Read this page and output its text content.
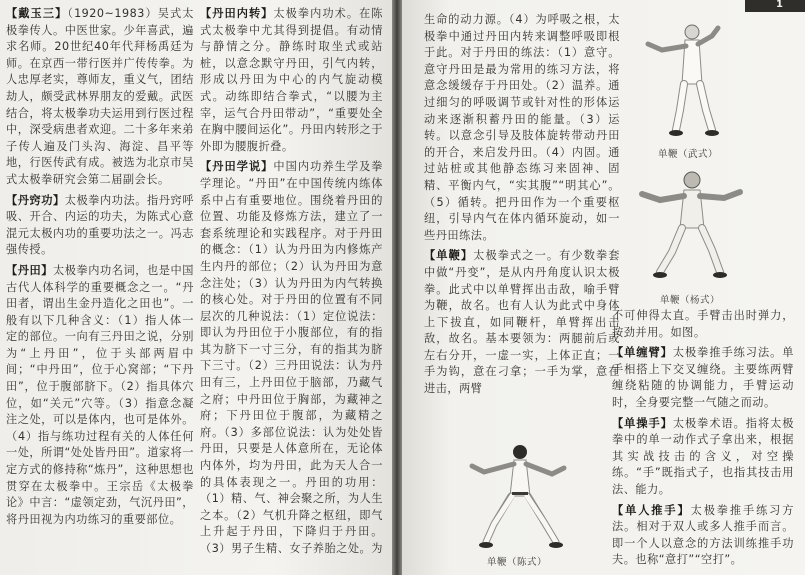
【戴玉三】（1920~1983）吴式太极拳传人。中医世家。少年喜武，遍求名师。20世纪40年代拜杨禹廷为师。在京西一带行医并广传传拳。为人忠厚老实，尊师友，重义气，团结劫人，颇受武林界朋友的爱戴。武医结合，将太极拳功夫运用到行医过程中，深受病患者欢迎。二十多年来弟子传人遍及门头沟、海淀、昌平等地，行医传武有成。被选为北京市吴式太极拳研究会第二届副会长。

【丹窍功】太极拳内功法。指丹窍呼吸、开合、内运的功夫，为陈式心意混元太极内功的重要功法之一。冯志强传授。

【丹田】太极拳内功名词，也是中国古代人体科学的重要概念之一。“丹田者，谓出生金丹造化之田也”。一般有以下几种含义：（1）指人体一定的部位。一向有三丹田之说，分别为“上丹田”，位于头部两眉中间；“中丹田”，位于心窝部；“下丹田”，位于腹部脐下。（2）指具体穴位，如“关元”穴等。（3）指意念凝注之处，可以是体内，也可是体外。（4）指与练功过程有关的人体任何一处，所谓“处处皆丹田”。道家将一定方式的修持称“炼丹”，这种思想也贯穿在太极拳中。王宗岳《太极拳论》中言：“虚领定劲，气沉丹田”，将丹田视为内功练习的重要部位。

【丹田内转】太极拳内功术。在陈式太极拳中尤其得到提倡。有动情与静情之分。静练时取坐式或站桩，以意念默守丹田，引气内转，形成以丹田为中心的内气旋动模式。动练即结合拳式，“以腰为主宰，运气合丹田带动”，“重要处全在胸中腰间运化”。丹田内转形之于外即为腰腹折叠。

【丹田学说】中国内功养生学及拳学理论。“丹田”在中国传统内练体系中占有重要地位。围绕着丹田的位置、功能及修炼方法，建立了一套系统理论和实践程序。对于丹田的概念：（1）认为丹田为内修炼产生内丹的部位；（2）认为丹田为意念注处；（3）认为丹田为内气转换的核心处。对于丹田的位置有不同层次的几种说法：（1）定位说法：即认为丹田位于小腹部位，有的指其为脐下一寸三分，有的指其为脐下三寸。（2）三丹田说法：认为丹田有三，上丹田位于脑部，乃藏气之府；中丹田位于胸部，为藏神之府；下丹田位于腹部，为藏精之府。（3）多部位说法：认为处处皆丹田，只要是人体意所在，无论体内体外，均为丹田，此为天人合一的具体表现之一。丹田的功用：（1）精、气、神会聚之所，为人生之本。（2）气机升降之枢纽，即气上升起于丹田，下降归于丹田。（3）男子生精、女子养胎之处。为

1

生命的动力源。（4）为呼吸之根，太极拳中通过丹田内转来调整呼吸即根于此。对于丹田的练法：（1）意守。意守丹田是最为常用的练习方法，将意念缓缓存于丹田处。（2）温养。通过细匀的呼吸调节或针对性的形体运动来逐渐积蓄丹田的能量。（3）运转。以意念引导及肢体旋转带动丹田的开合，来启发丹田。（4）内固。通过站桩或其他静态练习来固神、固精、平衡内气，“实其腹”“明其心”。（5）循转。把丹田作为一个重要枢纽，引导内气在体内循环旋动，如一些丹田练法。

【单鞭】太极拳式之一。有少数拳套中做“丹变”，是从内丹角度认识太极拳。此式中以单臂挥出击敌，喻手臂为鞭，故名。也有人认为此式中身体上下拔直，如同鞭杆，单臂挥出击敌，故名。基本要领为：两腿前后或左右分开，一虚一实，上体正直；一手为钩，意在刁拿；一手为掌，意在进击，两臂

单鞭（陈式）
单鞭（武式）
单鞭（杨式）

不可伸得太直。手臂击出时弹力，按劲并用。如图。

【单缠臂】太极拳推手练习法。单手相搭上下交叉缠绕。主要练两臂缠绕粘随的协调能力，手臂运动时，全身要完整一气随之而动。

【单操手】太极拳术语。指将太极拳中的单一动作式子拿出来，根据其实战技击的含义，对空操练。“手”既指式子，也指其技击用法、能力。

【单人推手】太极拳推手练习方法。相对于双人或多人推手而言。即一个人以意念的方法训练推手功夫。也称“意打”“空打”。
